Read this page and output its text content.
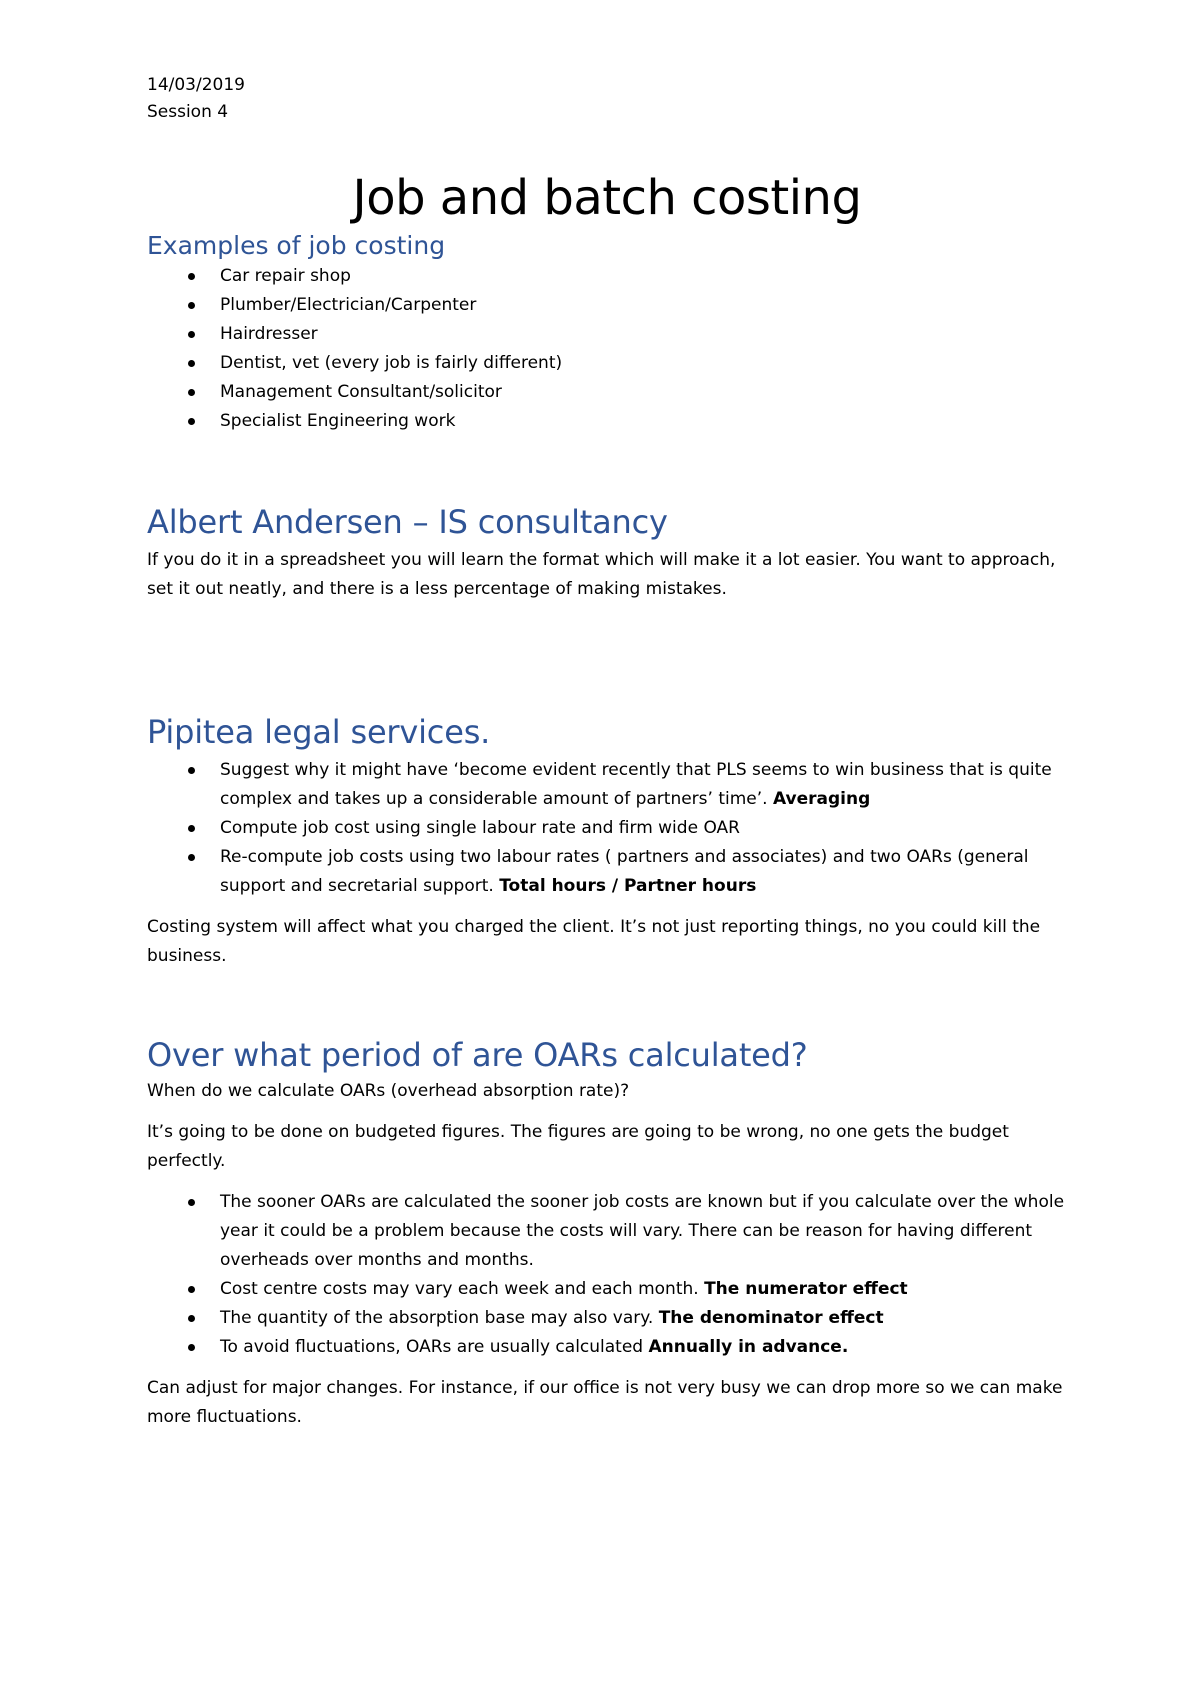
14/03/2019
Session 4
Job and batch costing
Examples of job costing
Car repair shop
Plumber/Electrician/Carpenter
Hairdresser
Dentist, vet (every job is fairly different)
Management Consultant/solicitor
Specialist Engineering work
Albert Andersen – IS consultancy

If you do it in a spreadsheet you will learn the format which will make it a lot easier. You want to approach, set it out neatly, and there is a less percentage of making mistakes.

Pipitea legal services.
Suggest why it might have ‘become evident recently that PLS seems to win business that is quite complex and takes up a considerable amount of partners’ time’. Averaging
Compute job cost using single labour rate and firm wide OAR
Re-compute job costs using two labour rates ( partners and associates) and two OARs (general support and secretarial support. Total hours / Partner hours

Costing system will affect what you charged the client. It’s not just reporting things, no you could kill the business.

Over what period of are OARs calculated?

When do we calculate OARs (overhead absorption rate)?

It’s going to be done on budgeted figures. The figures are going to be wrong, no one gets the budget perfectly.

The sooner OARs are calculated the sooner job costs are known but if you calculate over the whole year it could be a problem because the costs will vary. There can be reason for having different overheads over months and months.
Cost centre costs may vary each week and each month. The numerator effect
The quantity of the absorption base may also vary. The denominator effect
To avoid fluctuations, OARs are usually calculated Annually in advance.

Can adjust for major changes. For instance, if our office is not very busy we can drop more so we can make more fluctuations.
